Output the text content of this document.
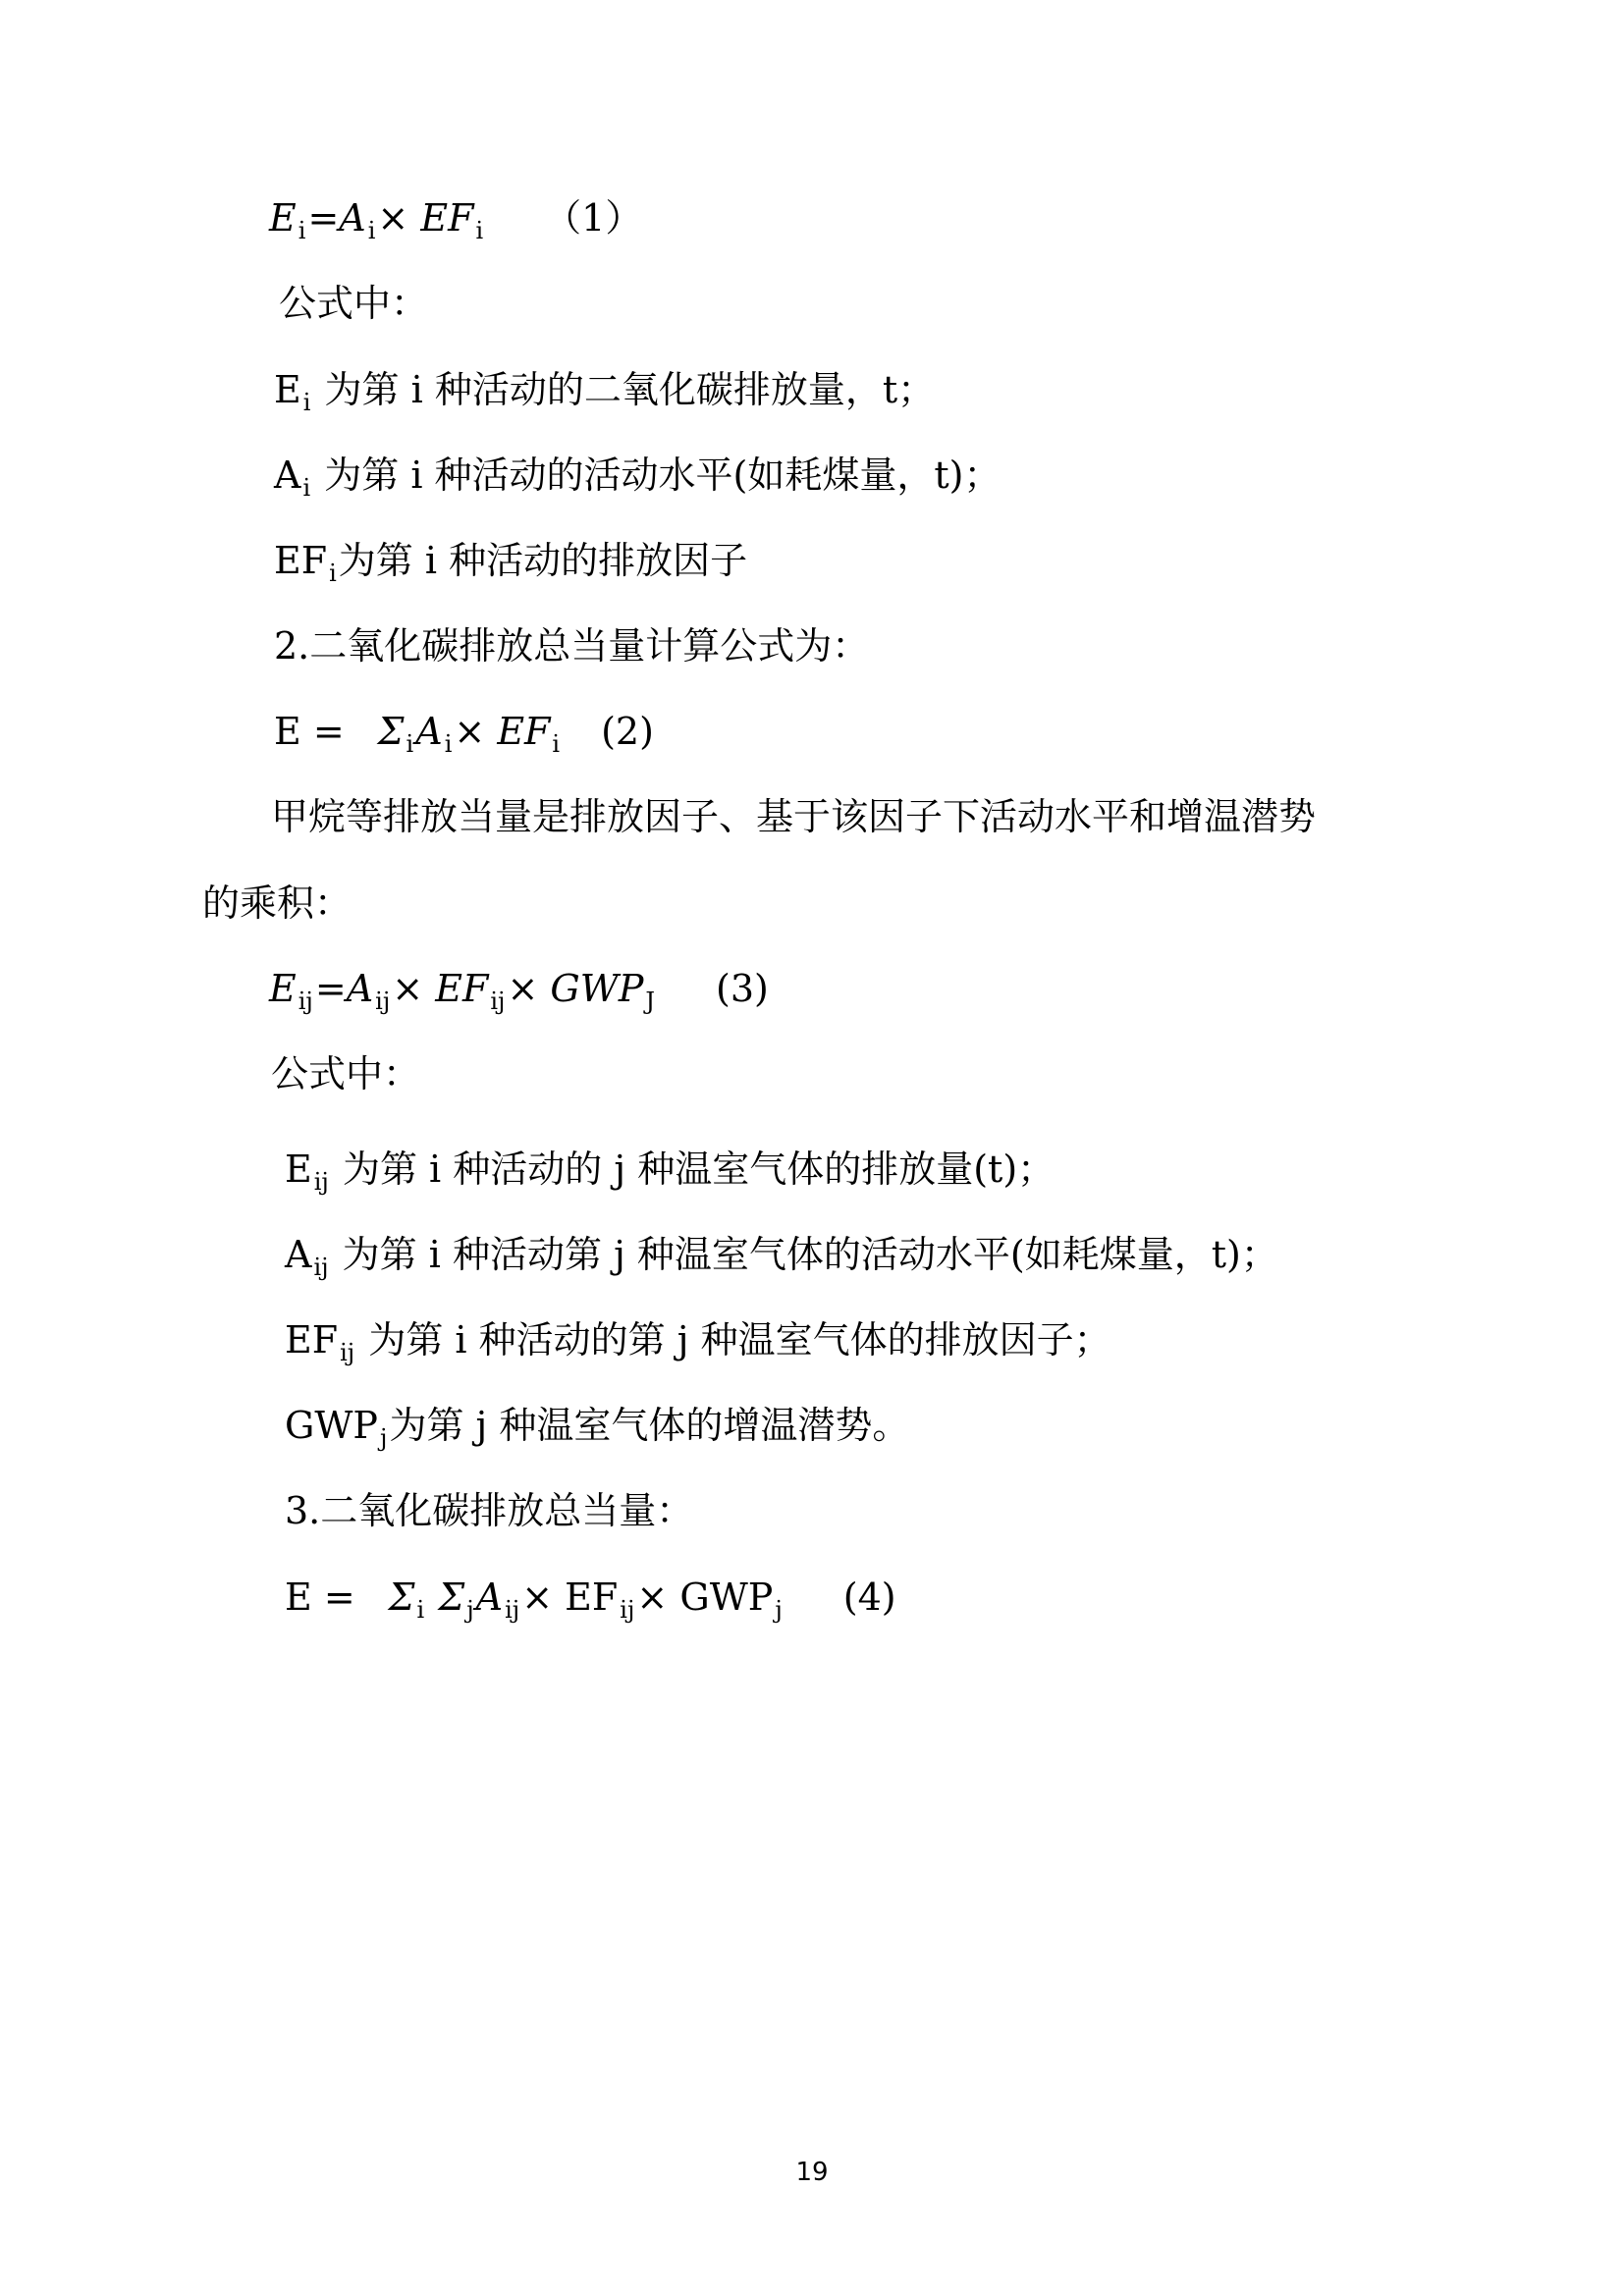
$E_i=A_i\times EF_i$ （1）
公式中：
$E_i$ 为第 i 种活动的二氧化碳排放量，t；
$A_i$ 为第 i 种活动的活动水平(如耗煤量，t)；
$EF_i$为第 i 种活动的排放因子
2.二氧化碳排放总当量计算公式为：
$E = \Sigma_iA_i\times EF_i$ (2)
甲烷等排放当量是排放因子、基于该因子下活动水平和增温潜势
的乘积：
$E_{ij}=A_{ij}\times EF_{ij}\times GWP_J$ (3)
公式中：
$E_{ij}$ 为第 i 种活动的 j 种温室气体的排放量(t)；
$A_{ij}$ 为第 i 种活动第 j 种温室气体的活动水平(如耗煤量，t)；
$EF_{ij}$ 为第 i 种活动的第 j 种温室气体的排放因子；
$GWP_j$为第 j 种温室气体的增温潜势。
3.二氧化碳排放总当量：
$E = \Sigma_i$ $\Sigma_jA_{ij}\times EF_{ij}\times GWP_j$ (4)
19
